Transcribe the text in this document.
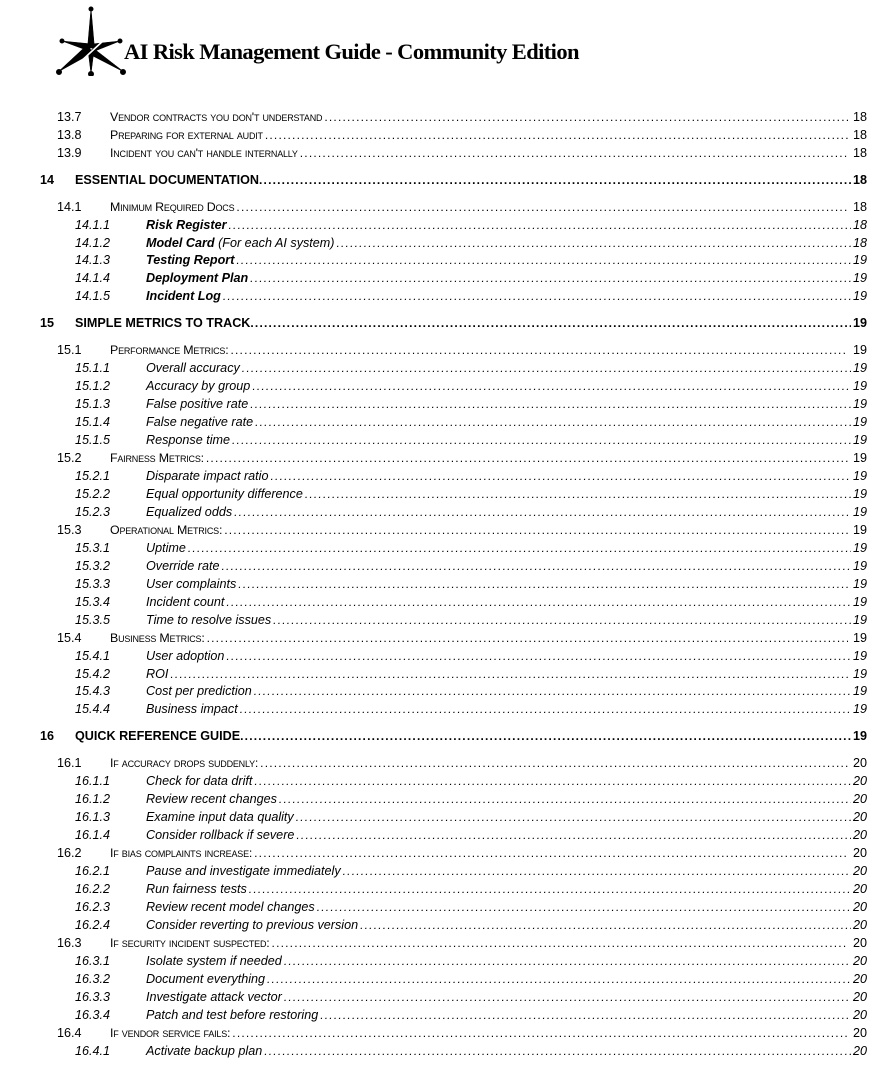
AI Risk Management Guide - Community Edition
13.7	Vendor contracts you don't understand .....	18
13.8	Preparing for external audit .....	18
13.9	Incident you can't handle internally .....	18
14	ESSENTIAL DOCUMENTATION .....	18
14.1	Minimum Required Docs .....	18
14.1.1	Risk Register .....	18
14.1.2	Model Card (For each AI system) .....	18
14.1.3	Testing Report .....	19
14.1.4	Deployment Plan .....	19
14.1.5	Incident Log .....	19
15	SIMPLE METRICS TO TRACK .....	19
15.1	Performance Metrics: .....	19
15.1.1	Overall accuracy .....	19
15.1.2	Accuracy by group .....	19
15.1.3	False positive rate .....	19
15.1.4	False negative rate .....	19
15.1.5	Response time .....	19
15.2	Fairness Metrics: .....	19
15.2.1	Disparate impact ratio .....	19
15.2.2	Equal opportunity difference .....	19
15.2.3	Equalized odds .....	19
15.3	Operational Metrics: .....	19
15.3.1	Uptime .....	19
15.3.2	Override rate .....	19
15.3.3	User complaints .....	19
15.3.4	Incident count .....	19
15.3.5	Time to resolve issues .....	19
15.4	Business Metrics: .....	19
15.4.1	User adoption .....	19
15.4.2	ROI .....	19
15.4.3	Cost per prediction .....	19
15.4.4	Business impact .....	19
16	QUICK REFERENCE GUIDE .....	19
16.1	If accuracy drops suddenly: .....	20
16.1.1	Check for data drift .....	20
16.1.2	Review recent changes .....	20
16.1.3	Examine input data quality .....	20
16.1.4	Consider rollback if severe .....	20
16.2	If bias complaints increase: .....	20
16.2.1	Pause and investigate immediately .....	20
16.2.2	Run fairness tests .....	20
16.2.3	Review recent model changes .....	20
16.2.4	Consider reverting to previous version .....	20
16.3	If security incident suspected: .....	20
16.3.1	Isolate system if needed .....	20
16.3.2	Document everything .....	20
16.3.3	Investigate attack vector .....	20
16.3.4	Patch and test before restoring .....	20
16.4	If vendor service fails: .....	20
16.4.1	Activate backup plan .....	20
